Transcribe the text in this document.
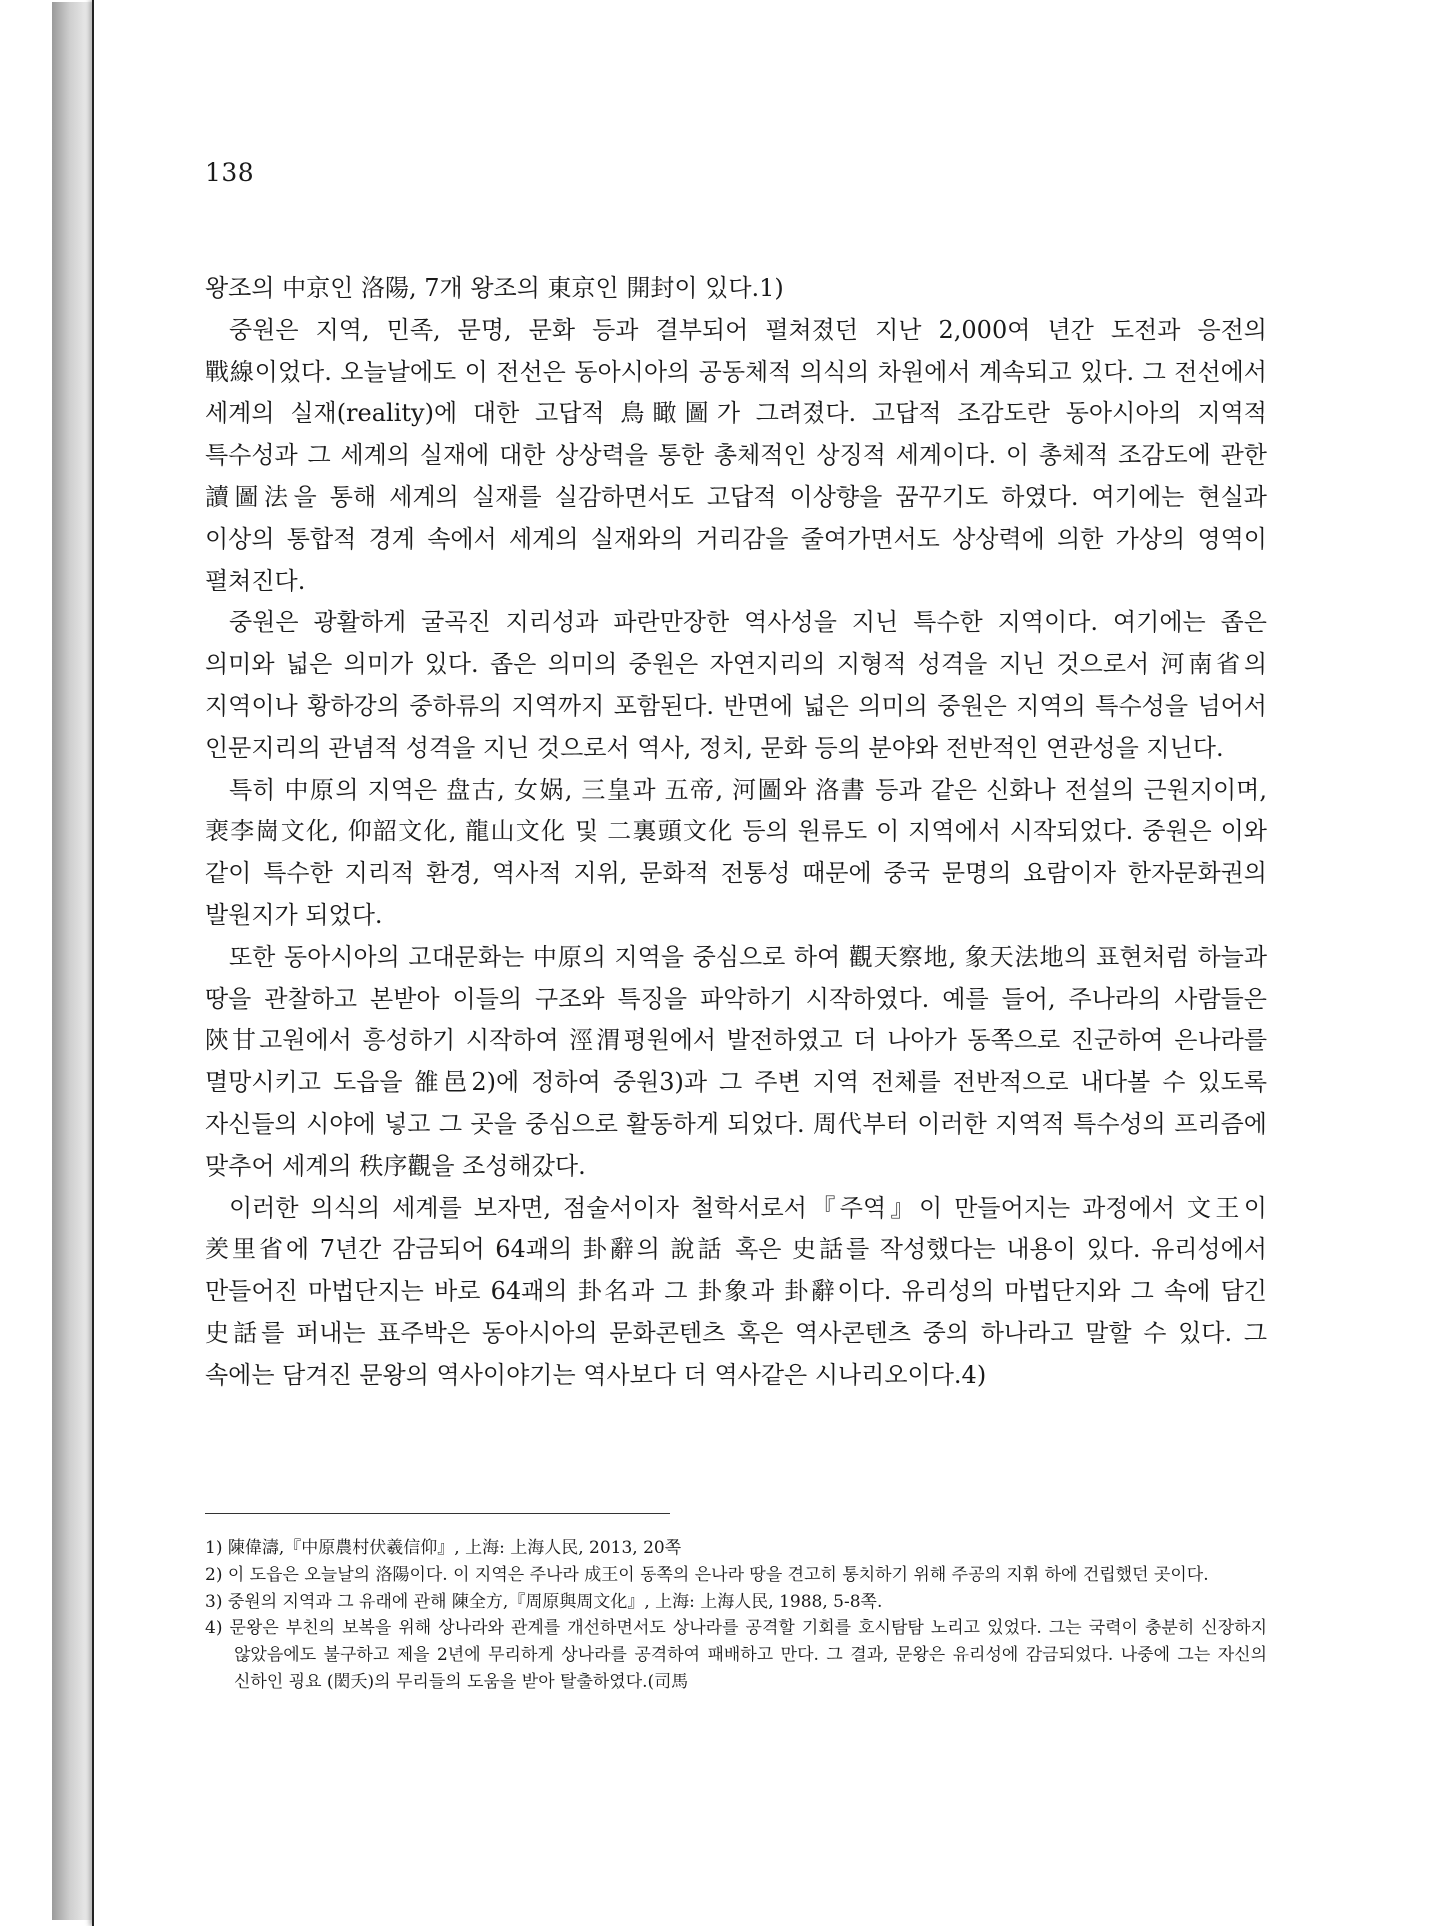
138

왕조의 中京인 洛陽, 7개 왕조의 東京인 開封이 있다.1)

중원은 지역, 민족, 문명, 문화 등과 결부되어 펼쳐졌던 지난 2,000여 년간 도전과 응전의 戰線이었다. 오늘날에도 이 전선은 동아시아의 공동체적 의식의 차원에서 계속되고 있다. 그 전선에서 세계의 실재(reality)에 대한 고답적 鳥瞰圖가 그려졌다. 고답적 조감도란 동아시아의 지역적 특수성과 그 세계의 실재에 대한 상상력을 통한 총체적인 상징적 세계이다. 이 총체적 조감도에 관한 讀圖法을 통해 세계의 실재를 실감하면서도 고답적 이상향을 꿈꾸기도 하였다. 여기에는 현실과 이상의 통합적 경계 속에서 세계의 실재와의 거리감을 줄여가면서도 상상력에 의한 가상의 영역이 펼쳐진다.

중원은 광활하게 굴곡진 지리성과 파란만장한 역사성을 지닌 특수한 지역이다. 여기에는 좁은 의미와 넓은 의미가 있다. 좁은 의미의 중원은 자연지리의 지형적 성격을 지닌 것으로서 河南省의 지역이나 황하강의 중하류의 지역까지 포함된다. 반면에 넓은 의미의 중원은 지역의 특수성을 넘어서 인문지리의 관념적 성격을 지닌 것으로서 역사, 정치, 문화 등의 분야와 전반적인 연관성을 지닌다.

특히 中原의 지역은 盘古, 女娲, 三皇과 五帝, 河圖와 洛書 등과 같은 신화나 전설의 근원지이며, 裵李崗文化, 仰韶文化, 龍山文化 및 二裏頭文化 등의 원류도 이 지역에서 시작되었다. 중원은 이와 같이 특수한 지리적 환경, 역사적 지위, 문화적 전통성 때문에 중국 문명의 요람이자 한자문화권의 발원지가 되었다.

또한 동아시아의 고대문화는 中原의 지역을 중심으로 하여 觀天察地, 象天法地의 표현처럼 하늘과 땅을 관찰하고 본받아 이들의 구조와 특징을 파악하기 시작하였다. 예를 들어, 주나라의 사람들은 陝甘고원에서 흥성하기 시작하여 涇渭평원에서 발전하였고 더 나아가 동쪽으로 진군하여 은나라를 멸망시키고 도읍을 雒邑2)에 정하여 중원3)과 그 주변 지역 전체를 전반적으로 내다볼 수 있도록 자신들의 시야에 넣고 그 곳을 중심으로 활동하게 되었다. 周代부터 이러한 지역적 특수성의 프리즘에 맞추어 세계의 秩序觀을 조성해갔다.

이러한 의식의 세계를 보자면, 점술서이자 철학서로서『주역』이 만들어지는 과정에서 文王이 羑里省에 7년간 감금되어 64괘의 卦辭의 說話 혹은 史話를 작성했다는 내용이 있다. 유리성에서 만들어진 마법단지는 바로 64괘의 卦名과 그 卦象과 卦辭이다. 유리성의 마법단지와 그 속에 담긴 史話를 퍼내는 표주박은 동아시아의 문화콘텐츠 혹은 역사콘텐츠 중의 하나라고 말할 수 있다. 그 속에는 담겨진 문왕의 역사이야기는 역사보다 더 역사같은 시나리오이다.4)

1) 陳偉濤,『中原農村伏羲信仰』, 上海: 上海人民, 2013, 20쪽
2) 이 도읍은 오늘날의 洛陽이다. 이 지역은 주나라 成王이 동쪽의 은나라 땅을 견고히 통치하기 위해 주공의 지휘 하에 건립했던 곳이다.
3) 중원의 지역과 그 유래에 관해 陳全方,『周原與周文化』, 上海: 上海人民, 1988, 5-8쪽.
4) 문왕은 부친의 보복을 위해 상나라와 관계를 개선하면서도 상나라를 공격할 기회를 호시탐탐 노리고 있었다. 그는 국력이 충분히 신장하지 않았음에도 불구하고 제을 2년에 무리하게 상나라를 공격하여 패배하고 만다. 그 결과, 문왕은 유리성에 감금되었다. 나중에 그는 자신의 신하인 굉요 (閎夭)의 무리들의 도움을 받아 탈출하였다.(司馬
